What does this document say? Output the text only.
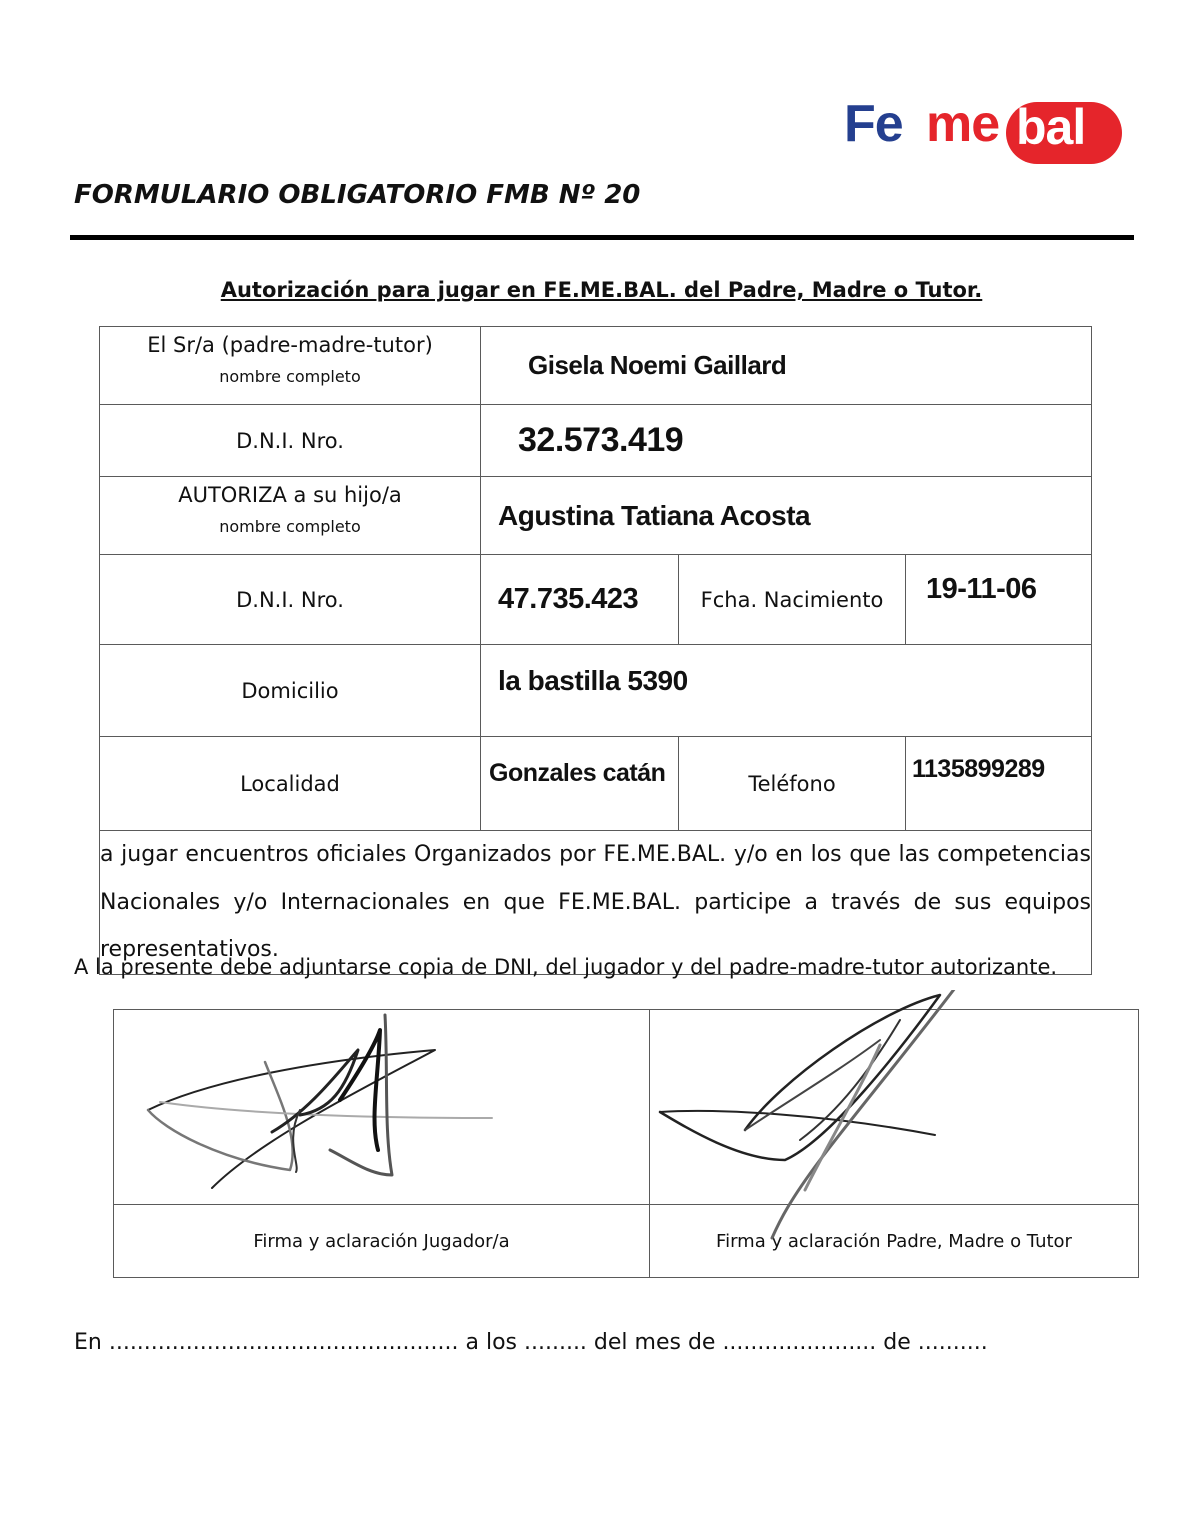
Fe me bal
FORMULARIO OBLIGATORIO FMB Nº 20
Autorización para jugar en FE.ME.BAL. del Padre, Madre o Tutor.
El Sr/a (padre-madre-tutor)
nombre completo	Gisela Noemi Gaillard		
D.N.I. Nro.	32.573.419		
AUTORIZA a su hijo/a
nombre completo	Agustina Tatiana Acosta		
D.N.I. Nro.	47.735.423	Fcha. Nacimiento	19-11-06
Domicilio	la bastilla 5390		
Localidad	Gonzales catán	Teléfono	1135899289
a jugar encuentros oficiales Organizados por FE.ME.BAL. y/o en los que las competencias Nacionales y/o Internacionales en que FE.ME.BAL. participe a través de sus equipos representativos.			
A la presente debe adjuntarse copia de DNI, del jugador y del padre-madre-tutor autorizante.

Firma y aclaración Jugador/a	Firma y aclaración Padre, Madre o Tutor
En .................................................. a los ......... del mes de ...................... de ..........
